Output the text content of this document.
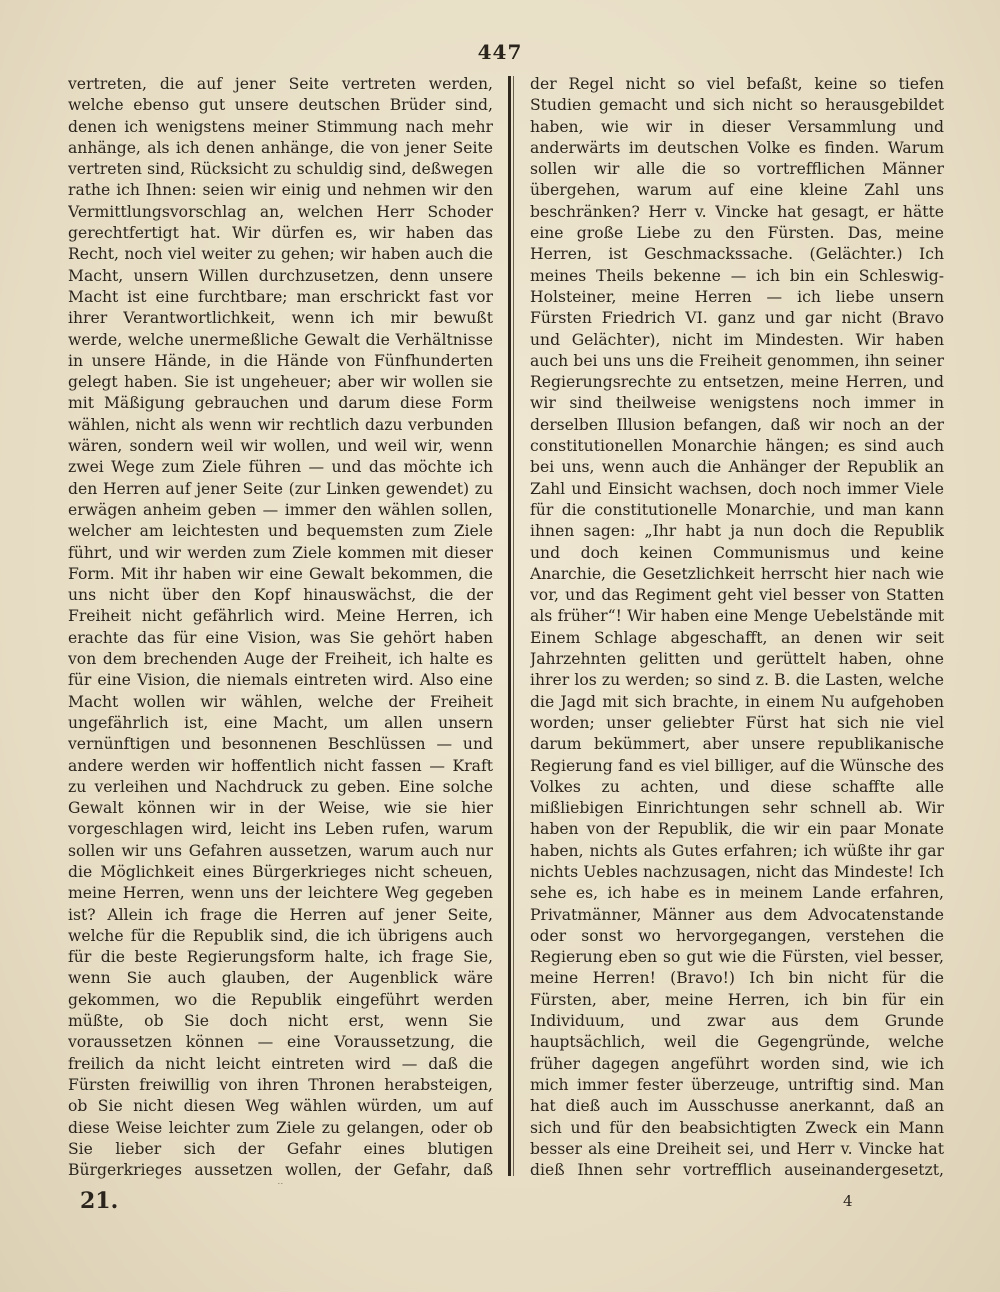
447

vertreten, die auf jener Seite vertreten werden, welche ebenso gut unsere deutschen Brüder sind, denen ich wenigstens meiner Stimmung nach mehr anhänge, als ich denen anhänge, die von jener Seite vertreten sind, Rücksicht zu schuldig sind, deßwegen rathe ich Ihnen: seien wir einig und nehmen wir den Vermittlungsvorschlag an, welchen Herr Schoder gerechtfertigt hat. Wir dürfen es, wir haben das Recht, noch viel weiter zu gehen; wir haben auch die Macht, unsern Willen durchzusetzen, denn unsere Macht ist eine furchtbare; man erschrickt fast vor ihrer Verantwortlichkeit, wenn ich mir bewußt werde, welche unermeßliche Gewalt die Verhältnisse in unsere Hände, in die Hände von Fünfhunderten gelegt haben. Sie ist ungeheuer; aber wir wollen sie mit Mäßigung gebrauchen und darum diese Form wählen, nicht als wenn wir rechtlich dazu verbunden wären, sondern weil wir wollen, und weil wir, wenn zwei Wege zum Ziele führen — und das möchte ich den Herren auf jener Seite (zur Linken gewendet) zu erwägen anheim geben — immer den wählen sollen, welcher am leichtesten und bequemsten zum Ziele führt, und wir werden zum Ziele kommen mit dieser Form. Mit ihr haben wir eine Gewalt bekommen, die uns nicht über den Kopf hinauswächst, die der Freiheit nicht gefährlich wird. Meine Herren, ich erachte das für eine Vision, was Sie gehört haben von dem brechenden Auge der Freiheit, ich halte es für eine Vision, die niemals eintreten wird. Also eine Macht wollen wir wählen, welche der Freiheit ungefährlich ist, eine Macht, um allen unsern vernünftigen und besonnenen Beschlüssen — und andere werden wir hoffentlich nicht fassen — Kraft zu verleihen und Nachdruck zu geben. Eine solche Gewalt können wir in der Weise, wie sie hier vorgeschlagen wird, leicht ins Leben rufen, warum sollen wir uns Gefahren aussetzen, warum auch nur die Möglichkeit eines Bürgerkrieges nicht scheuen, meine Herren, wenn uns der leichtere Weg gegeben ist? Allein ich frage die Herren auf jener Seite, welche für die Republik sind, die ich übrigens auch für die beste Regierungsform halte, ich frage Sie, wenn Sie auch glauben, der Augenblick wäre gekommen, wo die Republik eingeführt werden müßte, ob Sie doch nicht erst, wenn Sie voraussetzen können — eine Voraussetzung, die freilich da nicht leicht eintreten wird — daß die Fürsten freiwillig von ihren Thronen herabsteigen, ob Sie nicht diesen Weg wählen würden, um auf diese Weise leichter zum Ziele zu gelangen, oder ob Sie lieber sich der Gefahr eines blutigen Bürgerkrieges aussetzen wollen, der Gefahr, daß

der Regel nicht so viel befaßt, keine so tiefen Studien gemacht und sich nicht so herausgebildet haben, wie wir in dieser Versammlung und anderwärts im deutschen Volke es finden. Warum sollen wir alle die so vortrefflichen Männer übergehen, warum auf eine kleine Zahl uns beschränken? Herr v. Vincke hat gesagt, er hätte eine große Liebe zu den Fürsten. Das, meine Herren, ist Geschmackssache. (Gelächter.) Ich meines Theils bekenne — ich bin ein Schleswig-Holsteiner, meine Herren — ich liebe unsern Fürsten Friedrich VI. ganz und gar nicht (Bravo und Gelächter), nicht im Mindesten. Wir haben auch bei uns uns die Freiheit genommen, ihn seiner Regierungsrechte zu entsetzen, meine Herren, und wir sind theilweise wenigstens noch immer in derselben Illusion befangen, daß wir noch an der constitutionellen Monarchie hängen; es sind auch bei uns, wenn auch die Anhänger der Republik an Zahl und Einsicht wachsen, doch noch immer Viele für die constitutionelle Monarchie, und man kann ihnen sagen: „Ihr habt ja nun doch die Republik und doch keinen Communismus und keine Anarchie, die Gesetzlichkeit herrscht hier nach wie vor, und das Regiment geht viel besser von Statten als früher“! Wir haben eine Menge Uebelstände mit Einem Schlage abgeschafft, an denen wir seit Jahrzehnten gelitten und gerüttelt haben, ohne ihrer los zu werden; so sind z. B. die Lasten, welche die Jagd mit sich brachte, in einem Nu aufgehoben worden; unser geliebter Fürst hat sich nie viel darum bekümmert, aber unsere republikanische Regierung fand es viel billiger, auf die Wünsche des Volkes zu achten, und diese schaffte alle mißliebigen Einrichtungen sehr schnell ab. Wir haben von der Republik, die wir ein paar Monate haben, nichts als Gutes erfahren; ich wüßte ihr gar nichts Uebles nachzusagen, nicht das Mindeste! Ich sehe es, ich habe es in meinem Lande erfahren, Privatmänner, Männer aus dem Advocatenstande oder sonst wo hervorgegangen, verstehen die Regierung eben so gut wie die Fürsten, viel besser, meine Herren! (Bravo!) Ich bin nicht für die Fürsten, aber, meine Herren, ich bin für ein Individuum, und zwar aus dem Grunde hauptsächlich, weil die Gegengründe, welche früher dagegen angeführt worden sind, wie ich mich immer fester überzeuge, untriftig sind. Man hat dieß auch im Ausschusse anerkannt, daß an sich und für den beabsichtigten Zweck ein Mann besser als eine Dreiheit sei, und Herr v. Vincke hat dieß Ihnen sehr vortrefflich auseinandergesetzt,

21.	4
